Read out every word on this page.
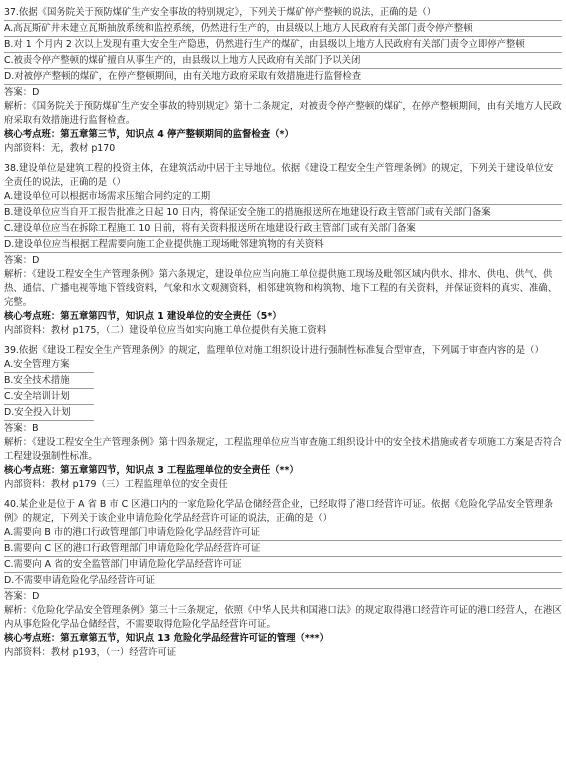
37.依据《国务院关于预防煤矿生产安全事故的特别规定》，下列关于煤矿停产整顿的说法，正确的是（）
A.高瓦斯矿井未建立瓦斯抽放系统和监控系统，仍然进行生产的，由县级以上地方人民政府有关部门责令停产整顿
B.对 1 个月内 2 次以上发现有重大安全生产隐患，仍然进行生产的煤矿，由县级以上地方人民政府有关部门责令立即停产整顿
C.被责令停产整顿的煤矿擅自从事生产的，由县级以上地方人民政府有关部门予以关闭
D.对被停产整顿的煤矿，在停产整顿期间，由有关地方政府采取有效措施进行监督检查
答案：D
解析：《国务院关于预防煤矿生产安全事故的特别规定》第十二条规定，对被责令停产整顿的煤矿，在停产整顿期间，由有关地方人民政府采取有效措施进行监督检查。
核心考点班：第五章第三节，知识点 4 停产整顿期间的监督检查（*）
内部资料：无，教材 p170
38.建设单位是建筑工程的投资主体，在建筑活动中居于主导地位。依据《建设工程安全生产管理条例》的规定，下列关于建设单位安全责任的说法，正确的是（）
A.建设单位可以根据市场需求压缩合同约定的工期
B.建设单位应当自开工报告批准之日起 10 日内，将保证安全施工的措施报送所在地建设行政主管部门或有关部门备案
C.建设单位应当在拆除工程施工 10 日前，将有关资料报送所在地建设行政主管部门或有关部门备案
D.建设单位应当根据工程需要向施工企业提供施工现场毗邻建筑物的有关资料
答案：D
解析：《建设工程安全生产管理条例》第六条规定，建设单位应当向施工单位提供施工现场及毗邻区域内供水、排水、供电、供气、供热、通信、广播电视等地下管线资料，气象和水文观测资料，相邻建筑物和构筑物、地下工程的有关资料，并保证资料的真实、准确、完整。
核心考点班：第五章第四节，知识点 1 建设单位的安全责任（5*）
内部资料：教材 p175，（二）建设单位应当如实向施工单位提供有关施工资料
39.依据《建设工程安全生产管理条例》的规定，监理单位对施工组织设计进行强制性标准复合型审查，下列属于审查内容的是（）
A.安全管理方案
B.安全技术措施
C.安全培训计划
D.安全投入计划
答案：B
解析：《建设工程安全生产管理条例》第十四条规定，工程监理单位应当审查施工组织设计中的安全技术措施或者专项施工方案是否符合工程建设强制性标准。
核心考点班：第五章第四节，知识点 3 工程监理单位的安全责任（**）
内部资料：教材 p179（三）工程监理单位的安全责任
40.某企业是位于 A 省 B 市 C 区港口内的一家危险化学品仓储经营企业，已经取得了港口经营许可证。依据《危险化学品安全管理条例》的规定，下列关于该企业申请危险化学品经营许可证的说法，正确的是（）
A.需要向 B 市的港口行政管理部门申请危险化学品经营许可证
B.需要向 C 区的港口行政管理部门申请危险化学品经营许可证
C.需要向 A 省的安全监管部门申请危险化学品经营许可证
D.不需要申请危险化学品经营许可证
答案：D
解析：《危险化学品安全管理条例》第三十三条规定，依照《中华人民共和国港口法》的规定取得港口经营许可证的港口经营人，在港区内从事危险化学品仓储经营，不需要取得危险化学品经营许可证。
核心考点班：第五章第五节，知识点 13 危险化学品经营许可证的管理（***）
内部资料：教材 p193，（一）经营许可证
